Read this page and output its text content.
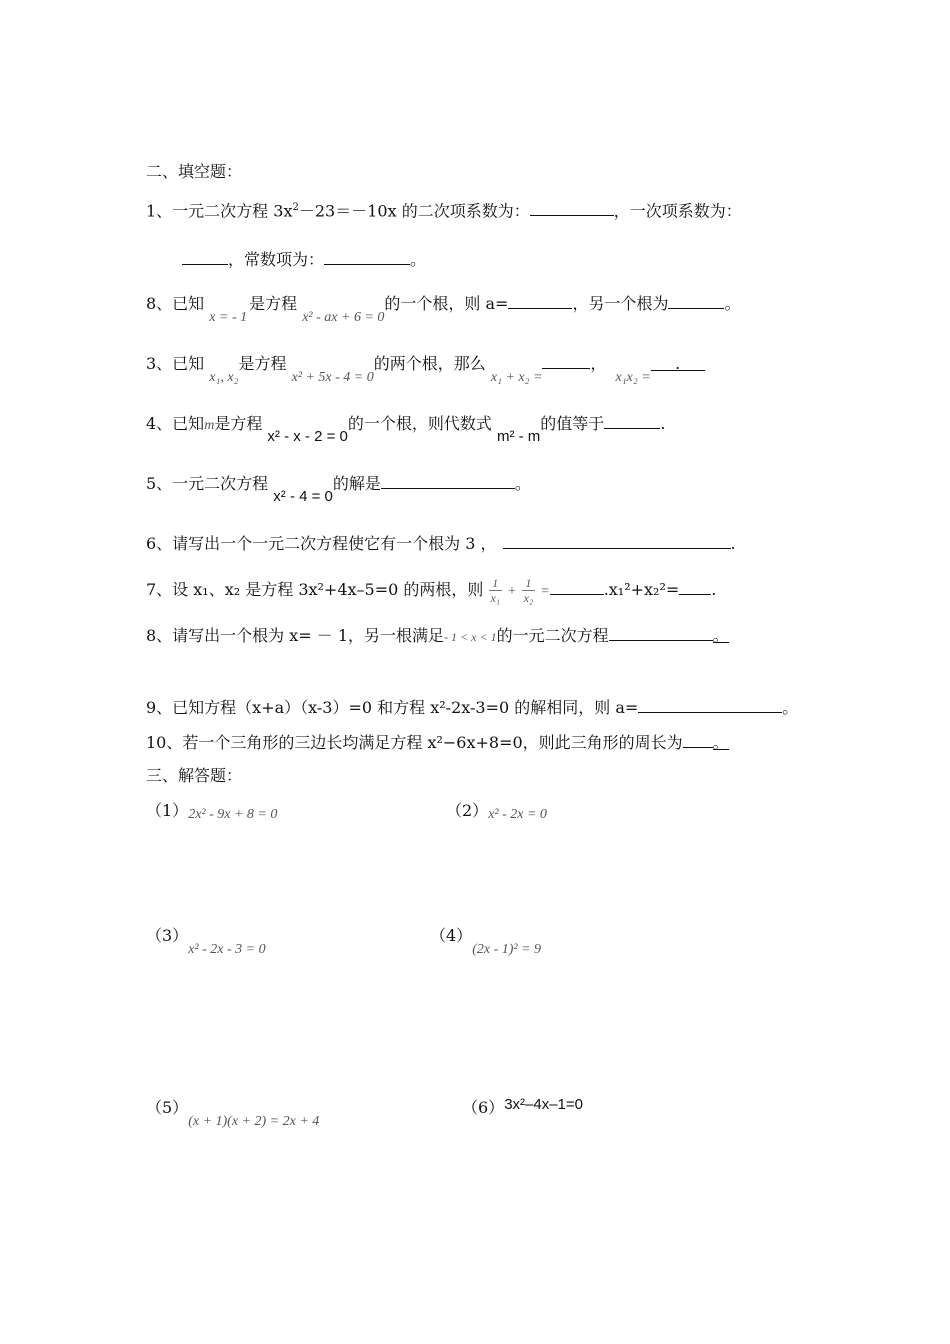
二、填空题：
1、一元二次方程 $3x^2-23=-10x$ 的二次项系数为：	，一次项系数为：
，常数项为：	。
8、已知 x = - 1是方程 x² - ax + 6 = 0的一个根，则 a=	，另一个根为	。
3、已知 x₁, x₂是方程 x² + 5x - 4 = 0的两个根，那么 x₁ + x₂ =， x₁x₂ =.
4、已知m是方程 x² - x - 2 = 0的一个根，则代数式 m² - m的值等于	.
5、一元二次方程 x² - 4 = 0的解是	。
6、请写出一个一元二次方程使它有一个根为 3 ，	.
7、设 x₁、x₂ 是方程 3x²+4x–5=0 的两根，则 $\frac{1}{\text{x₁}} + \frac{1}{\text{x₂}}$ =	.x₁²+x₂²= .
8、请写出一个根为 x= － 1，另一根满足- 1 < x < 1的一元二次方程	。
9、已知方程（x+a）（x-3）=0 和方程 x²-2x-3=0 的解相同，则 a=	。
10、若一个三角形的三边长均满足方程 x²−6x+8=0，则此三角形的周长为 。
三、解答题：
（1）2x² - 9x + 8 = 0	（2）x² - 2x = 0
（3）x² - 2x - 3 = 0
（4）(2x - 1)² = 9
（5）(x + 1)(x + 2) = 2x + 4
（6）3x²–4x–1=0
